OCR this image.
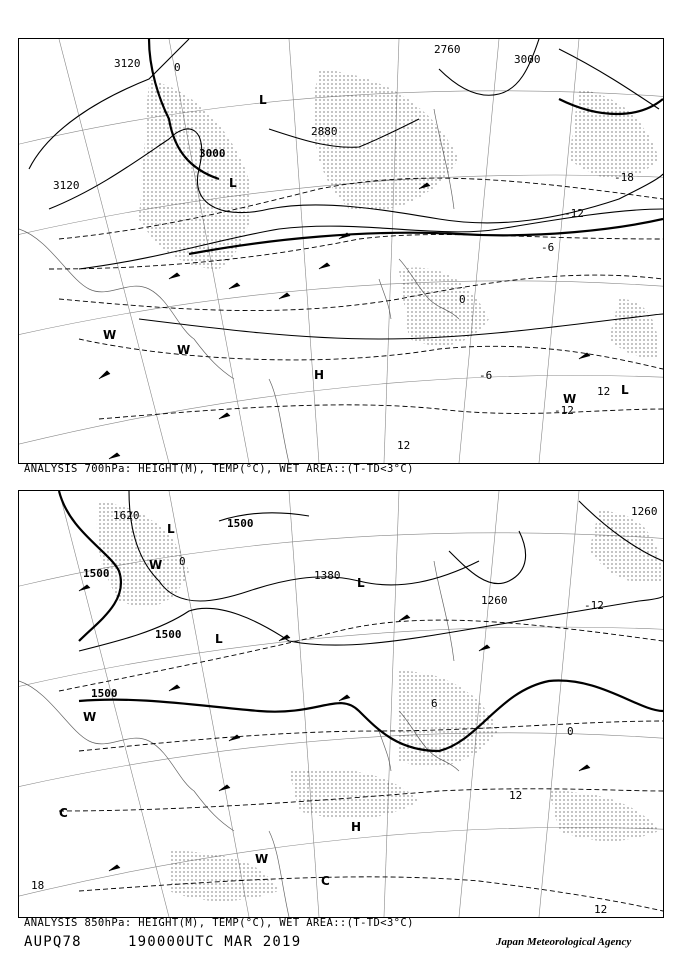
3120
3000
2880
2760
3120
3000
0
-6
-12
-18
0
-6
-12
12
12
L
L
L
H
W
W
W
ANALYSIS 700hPa: HEIGHT(M), TEMP(°C), WET AREA::(T-TD<3°C)
1620
1500
1380
1500
1500
1260
1260
1500
0
-12
6
12
18
0
12
L
L
L
H
W
W
C
C
W
ANALYSIS 850hPa: HEIGHT(M), TEMP(°C), WET AREA::(T-TD<3°C)
AUPQ78	190000UTC MAR 2019	Japan Meteorological Agency
